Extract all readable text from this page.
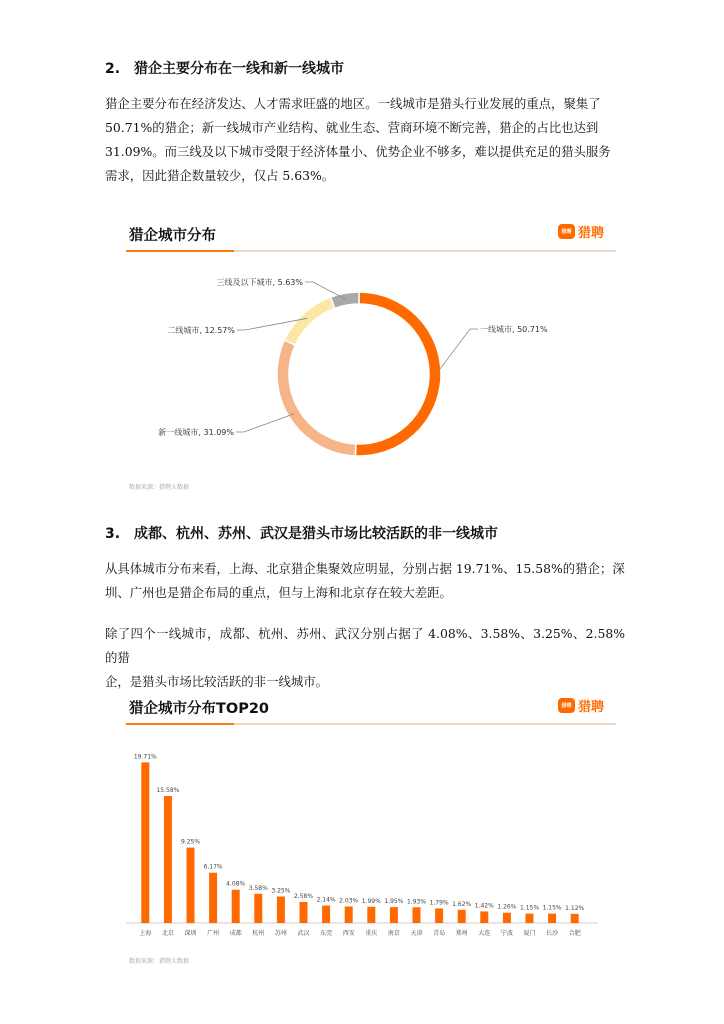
2.　猎企主要分布在一线和新一线城市
猎企主要分布在经济发达、人才需求旺盛的地区。一线城市是猎头行业发展的重点，聚集了
50.71%的猎企；新一线城市产业结构、就业生态、营商环境不断完善，猎企的占比也达到
31.09%。而三线及以下城市受限于经济体量小、优势企业不够多，难以提供充足的猎头服务
需求，因此猎企数量较少，仅占 5.63%。
猎企城市分布	猎聘 猎聘
一线城市, 50.71%
新一线城市, 31.09%
二线城市, 12.57%
三线及以下城市, 5.63%
数据来源：猎聘大数据
3.　成都、杭州、苏州、武汉是猎头市场比较活跃的非一线城市
从具体城市分布来看，上海、北京猎企集聚效应明显，分别占据 19.71%、15.58%的猎企；深
圳、广州也是猎企布局的重点，但与上海和北京存在较大差距。
除了四个一线城市，成都、杭州、苏州、武汉分别占据了 4.08%、3.58%、3.25%、2.58%的猎
企，是猎头市场比较活跃的非一线城市。
猎企城市分布TOP20	猎聘 猎聘
19.71%
上海
15.58%
北京
9.25%
深圳
6.17%
广州
4.08%
成都
3.58%
杭州
3.25%
苏州
2.58%
武汉
2.14%
东莞
2.03%
西安
1.99%
重庆
1.95%
南京
1.93%
天津
1.79%
青岛
1.62%
郑州
1.42%
大连
1.26%
宁波
1.15%
厦门
1.15%
长沙
1.12%
合肥
数据来源：猎聘大数据
